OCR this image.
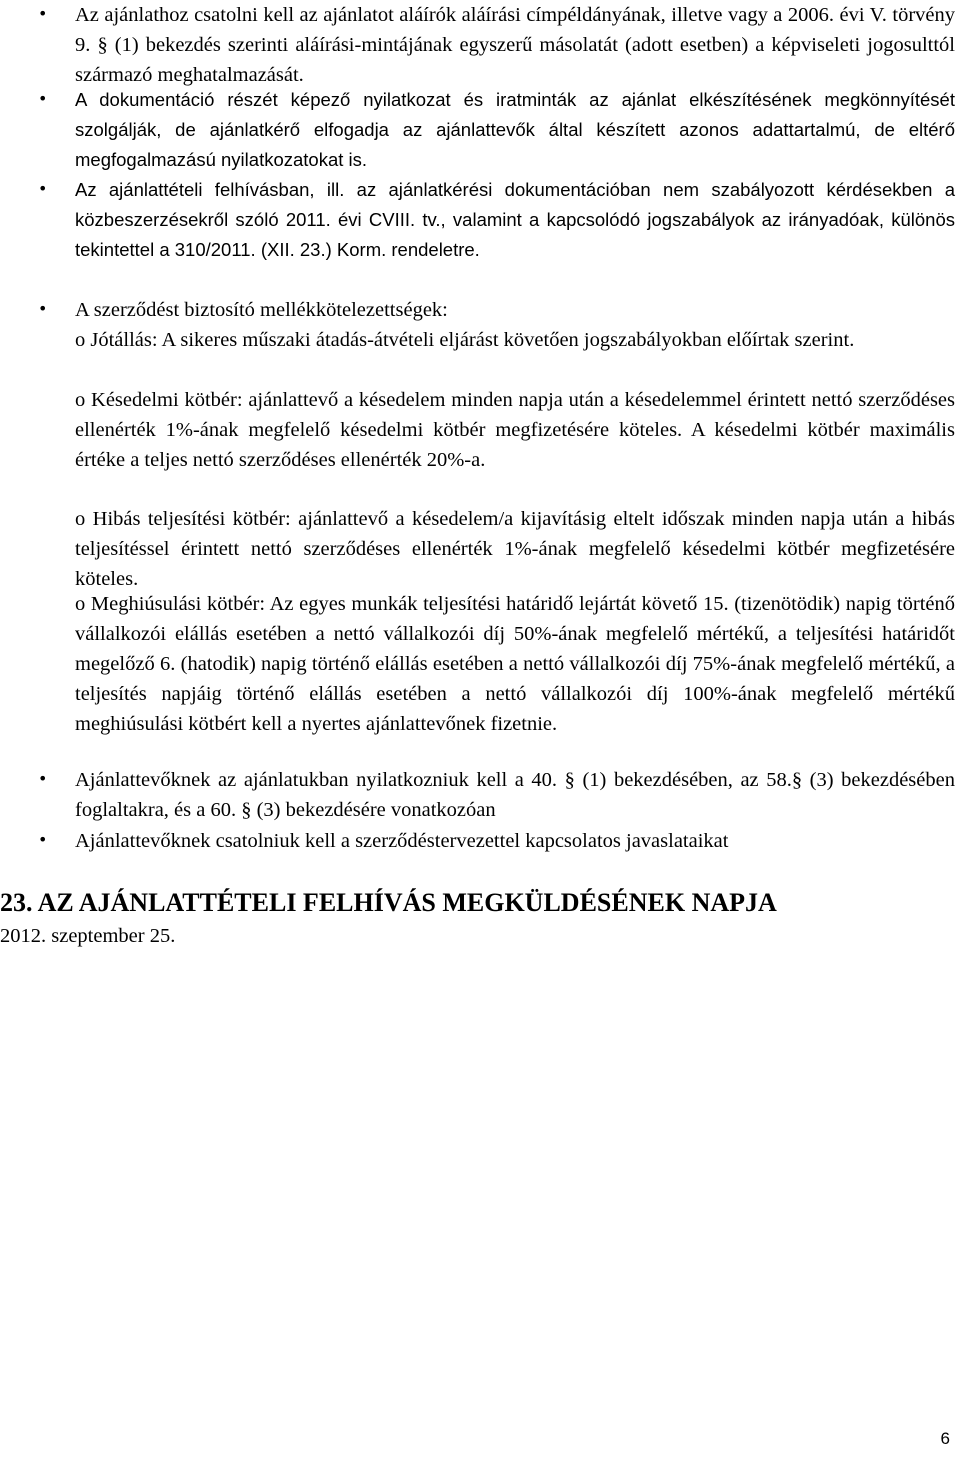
• Az ajánlathoz csatolni kell az ajánlatot aláírók aláírási címpéldányának, illetve vagy a 2006. évi V. törvény 9. § (1) bekezdés szerinti aláírási-mintájának egyszerű másolatát (adott esetben) a képviseleti jogosulttól származó meghatalmazását.
• A dokumentáció részét képező nyilatkozat és iratminták az ajánlat elkészítésének megkönnyítését szolgálják, de ajánlatkérő elfogadja az ajánlattevők által készített azonos adattartalmú, de eltérő megfogalmazású nyilatkozatokat is.
• Az ajánlattételi felhívásban, ill. az ajánlatkérési dokumentációban nem szabályozott kérdésekben a közbeszerzésekről szóló 2011. évi CVIII. tv., valamint a kapcsolódó jogszabályok az irányadóak, különös tekintettel a 310/2011. (XII. 23.) Korm. rendeletre.
• A szerződést biztosító mellékkötelezettségek:
o Jótállás: A sikeres műszaki átadás-átvételi eljárást követően jogszabályokban előírtak szerint.
o Késedelmi kötbér: ajánlattevő a késedelem minden napja után a késedelemmel érintett nettó szerződéses ellenérték 1%-ának megfelelő késedelmi kötbér megfizetésére köteles. A késedelmi kötbér maximális értéke a teljes nettó szerződéses ellenérték 20%-a.
o Hibás teljesítési kötbér: ajánlattevő a késedelem/a kijavításig eltelt időszak minden napja után a hibás teljesítéssel érintett nettó szerződéses ellenérték 1%-ának megfelelő késedelmi kötbér megfizetésére köteles.
o Meghiúsulási kötbér: Az egyes munkák teljesítési határidő lejártát követő 15. (tizenötödik) napig történő vállalkozói elállás esetében a nettó vállalkozói díj 50%-ának megfelelő mértékű, a teljesítési határidőt megelőző 6. (hatodik) napig történő elállás esetében a nettó vállalkozói díj 75%-ának megfelelő mértékű, a teljesítés napjáig történő elállás esetében a nettó vállalkozói díj 100%-ának megfelelő mértékű meghiúsulási kötbért kell a nyertes ajánlattevőnek fizetnie.
• Ajánlattevőknek az ajánlatukban nyilatkozniuk kell a 40. § (1) bekezdésében, az 58.§ (3) bekezdésében foglaltakra, és a 60. § (3) bekezdésére vonatkozóan
• Ajánlattevőknek csatolniuk kell a szerződéstervezettel kapcsolatos javaslataikat
23. AZ AJÁNLATTÉTELI FELHÍVÁS MEGKÜLDÉSÉNEK NAPJA
2012. szeptember 25.
6
